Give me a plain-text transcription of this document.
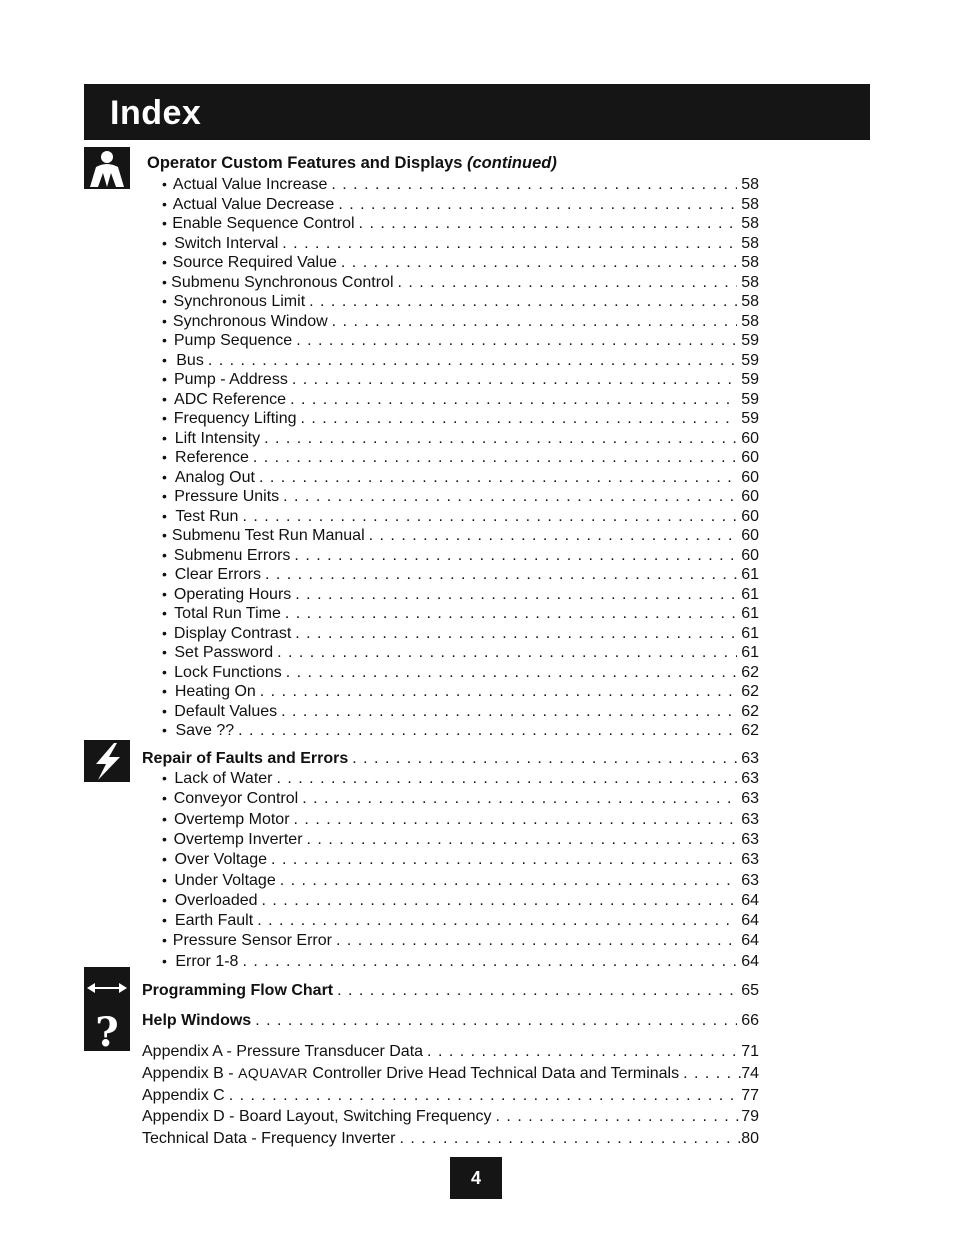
Index
?
Operator Custom Features and Displays (continued)
• Actual Value Increase . . .	58
• Actual Value Decrease . . .	58
• Enable Sequence Control . . .	58
• Switch Interval . . .	58
• Source Required Value . . .	58
• Submenu Synchronous Control . . .	58
• Synchronous Limit . . .	58
• Synchronous Window . . .	58
• Pump Sequence . . .	59
• Bus . . .	59
• Pump - Address . . .	59
• ADC Reference . . .	59
• Frequency Lifting . . .	59
• Lift Intensity . . .	60
• Reference . . .	60
• Analog Out . . .	60
• Pressure Units . . .	60
• Test Run . . .	60
• Submenu Test Run Manual . . .	60
• Submenu Errors . . .	60
• Clear Errors . . .	61
• Operating Hours . . .	61
• Total Run Time . . .	61
• Display Contrast . . .	61
• Set Password . . .	61
• Lock Functions . . .	62
• Heating On . . .	62
• Default Values . . .	62
• Save ?? . . .	62
Repair of Faults and Errors . . .	63
• Lack of Water . . .	63
• Conveyor Control . . .	63
• Overtemp Motor . . .	63
• Overtemp Inverter . . .	63
• Over Voltage . . .	63
• Under Voltage . . .	63
• Overloaded . . .	64
• Earth Fault . . .	64
• Pressure Sensor Error . . .	64
• Error 1-8 . . .	64
Programming Flow Chart . . .	65
Help Windows . . .	66
Appendix A - Pressure Transducer Data . . .	71
Appendix B - AQUAVAR Controller Drive Head Technical Data and Terminals . . .	74
Appendix C . . .	77
Appendix D - Board Layout, Switching Frequency . . .	79
Technical Data - Frequency Inverter . . .	80
4
